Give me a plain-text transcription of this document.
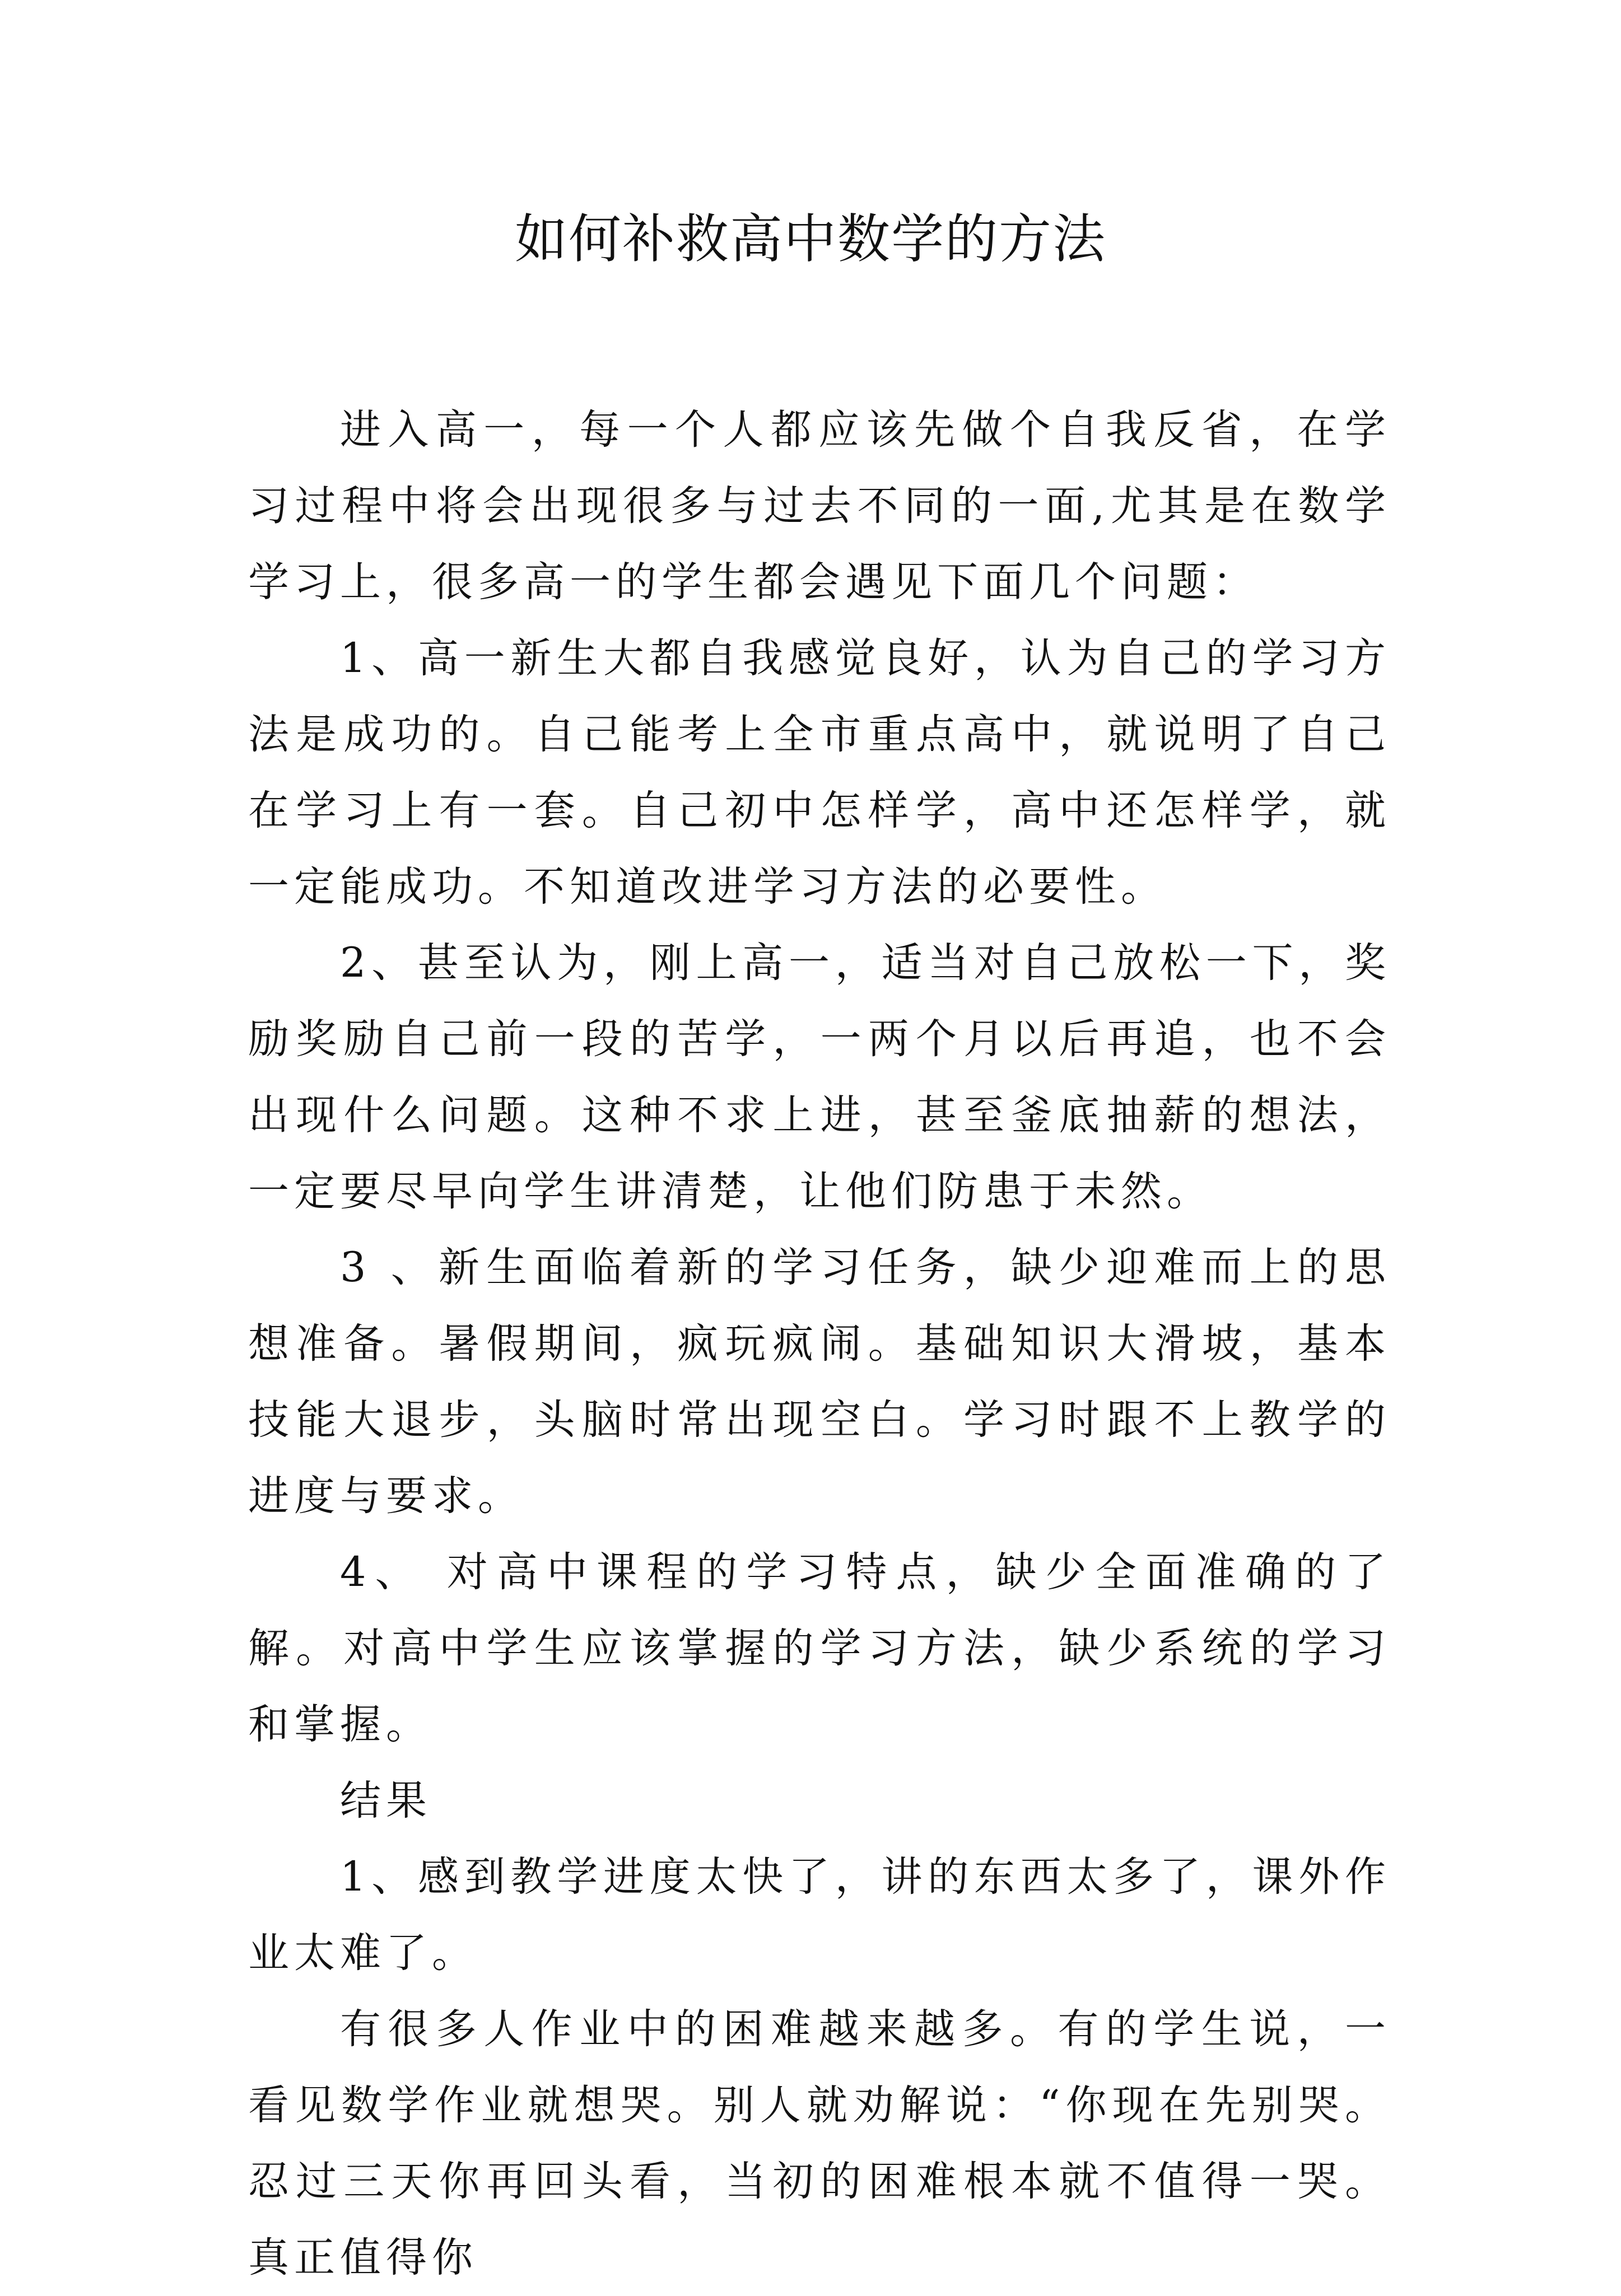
如何补救高中数学的方法

进入高一，每一个人都应该先做个自我反省，在学习过程中将会出现很多与过去不同的一面,尤其是在数学学习上，很多高一的学生都会遇见下面几个问题：

1、高一新生大都自我感觉良好，认为自己的学习方法是成功的。自己能考上全市重点高中，就说明了自己在学习上有一套。自己初中怎样学，高中还怎样学，就一定能成功。不知道改进学习方法的必要性。

2、甚至认为，刚上高一，适当对自己放松一下，奖励奖励自己前一段的苦学，一两个月以后再追，也不会出现什么问题。这种不求上进，甚至釜底抽薪的想法，一定要尽早向学生讲清楚，让他们防患于未然。

3 、新生面临着新的学习任务，缺少迎难而上的思想准备。暑假期间，疯玩疯闹。基础知识大滑坡，基本技能大退步，头脑时常出现空白。学习时跟不上教学的进度与要求。

4、 对高中课程的学习特点，缺少全面准确的了解。对高中学生应该掌握的学习方法，缺少系统的学习和掌握。

结果

1、感到教学进度太快了，讲的东西太多了，课外作业太难了。

有很多人作业中的困难越来越多。有的学生说，一看见数学作业就想哭。别人就劝解说：“你现在先别哭。忍过三天你再回头看，当初的困难根本就不值得一哭。真正值得你
